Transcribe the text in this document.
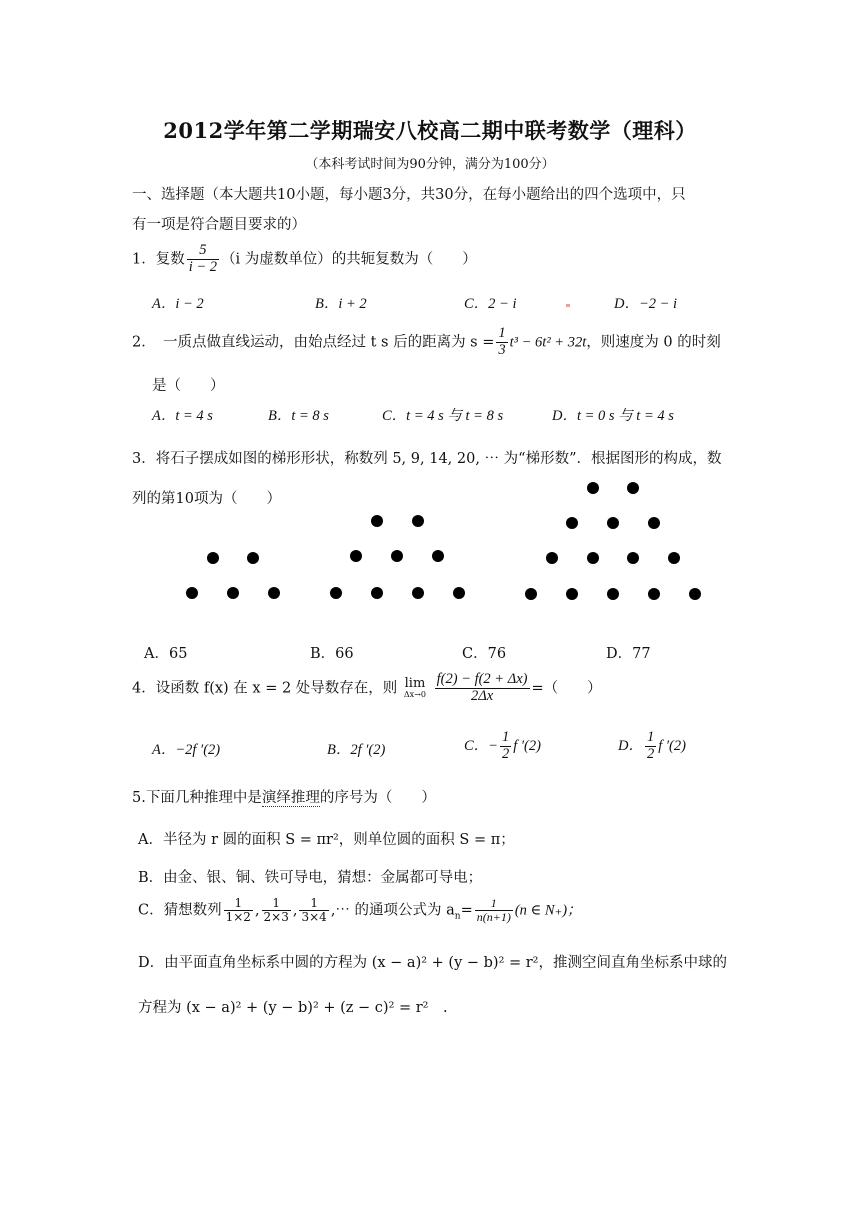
2012学年第二学期瑞安八校高二期中联考数学（理科）
（本科考试时间为90分钟，满分为100分）
一、选择题（本大题共10小题，每小题3分，共30分，在每小题给出的四个选项中，只
有一项是符合题目要求的）
1．复数 $\frac{5}{i - 2} (i$ 为虚数单位）的共轭复数为（　　）
A．i − 2	B．i + 2	C．2 − i	D．−2 − i
2．　一质点做直线运动，由始点经过 t s 后的距离为 $s = \frac{1}{3} t^3 - 6t^2 + 32t$，则速度为 0 的时刻
是（　　）
A．t = 4 s	B．t = 8 s	C．t = 4 s 与 t = 8 s	D．t = 0 s 与 t = 4 s
3．将石子摆成如图的梯形形状，称数列 5, 9, 14, 20, ⋯ 为“梯形数”．根据图形的构成，数
列的第10项为（　　）
A．65	B．66	C．76	D．77
4．设函数 f(x) 在 x = 2 处导数存在，则 lim
Δx→0
$\frac{f(2) - f(2 + \Delta x)}{2\Delta x}$ =（　　）
A．−2f ′(2)	B．2f ′(2)	C．− $\frac{1}{2}$ f ′(2)	D． $\frac{1}{2}$ f ′(2)
5.下面几种推理中是演绎推理的序号为（　　）
A．半径为 r 圆的面积 S = πr²，则单位圆的面积 S = π；
B．由金、银、铜、铁可导电，猜想：金属都可导电；
C．猜想数列 $\frac{1}{1\times 2}$ , $\frac{1}{2\times 3}$ , $\frac{1}{3\times 4}$ ,⋯ 的通项公式为 $a_n= \frac{1}{n(n+1)} (n$ ∈ N₊)；
D．由平面直角坐标系中圆的方程为 (x − a)² + (y − b)² = r²，推测空间直角坐标系中球的
方程为 (x − a)² + (y − b)² + (z − c)² = r²　.
